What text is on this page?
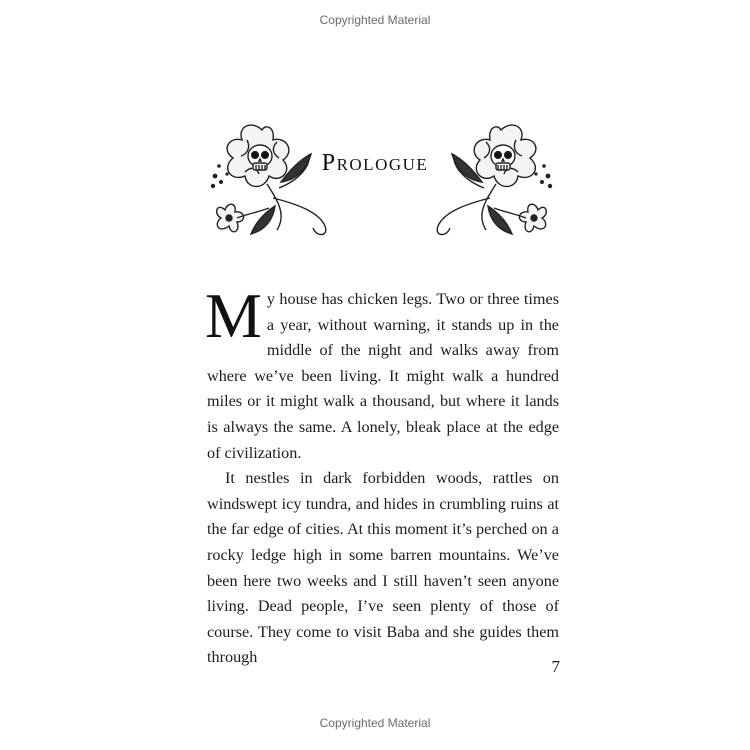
Copyrighted Material
Prologue

My house has chicken legs. Two or three times a year, without warning, it stands up in the middle of the night and walks away from where we’ve been living. It might walk a hundred miles or it might walk a thousand, but where it lands is always the same. A lonely, bleak place at the edge of civilization.

It nestles in dark forbidden woods, rattles on windswept icy tundra, and hides in crumbling ruins at the far edge of cities. At this moment it’s perched on a rocky ledge high in some barren mountains. We’ve been here two weeks and I still haven’t seen anyone living. Dead people, I’ve seen plenty of those of course. They come to visit Baba and she guides them through	7
Copyrighted Material
